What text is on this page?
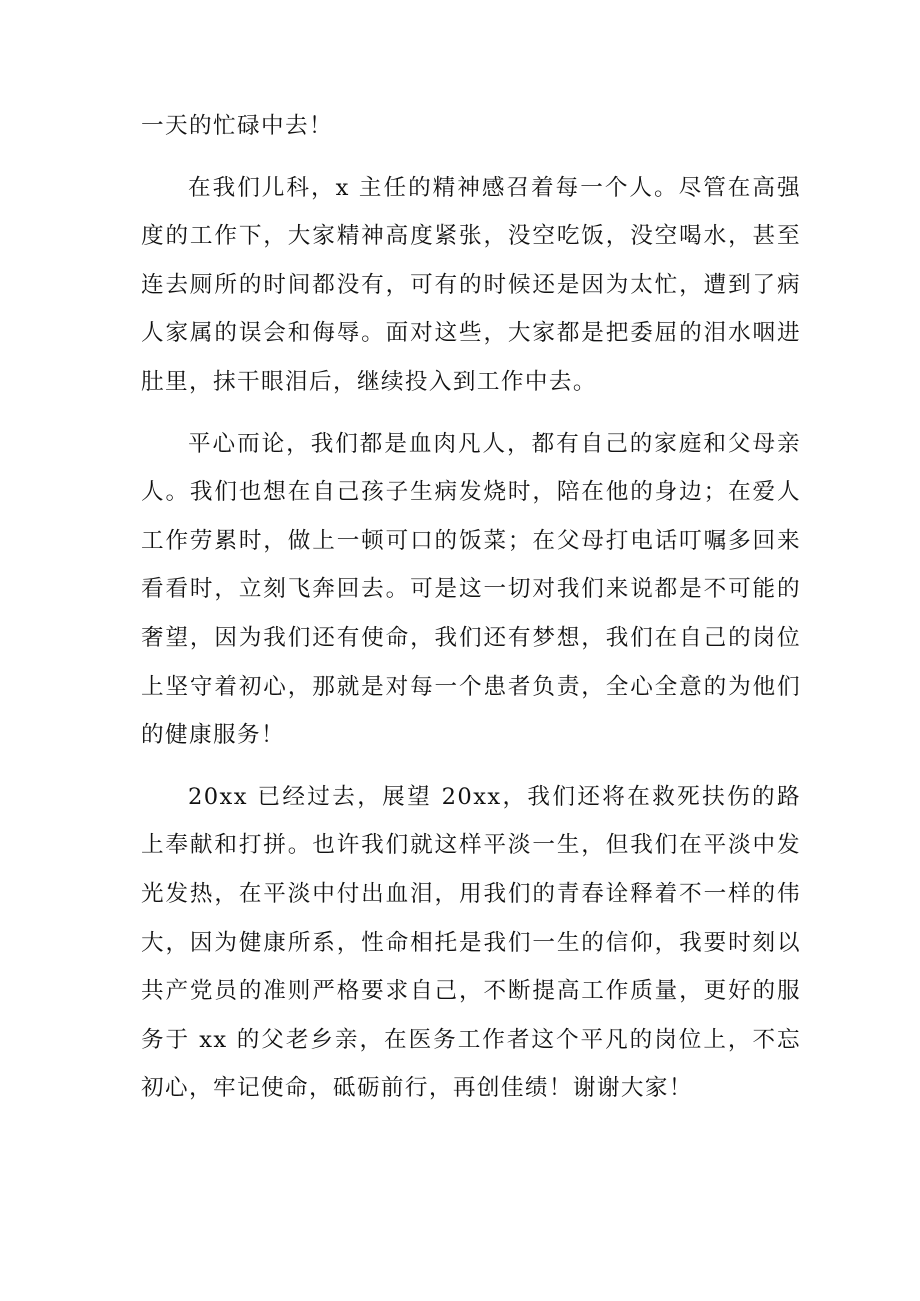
一天的忙碌中去！

在我们儿科，x 主任的精神感召着每一个人。尽管在高强度的工作下，大家精神高度紧张，没空吃饭，没空喝水，甚至连去厕所的时间都没有，可有的时候还是因为太忙，遭到了病人家属的误会和侮辱。面对这些，大家都是把委屈的泪水咽进肚里，抹干眼泪后，继续投入到工作中去。

平心而论，我们都是血肉凡人，都有自己的家庭和父母亲人。我们也想在自己孩子生病发烧时，陪在他的身边；在爱人工作劳累时，做上一顿可口的饭菜；在父母打电话叮嘱多回来看看时，立刻飞奔回去。可是这一切对我们来说都是不可能的奢望，因为我们还有使命，我们还有梦想，我们在自己的岗位上坚守着初心，那就是对每一个患者负责，全心全意的为他们的健康服务！

20xx 已经过去，展望 20xx，我们还将在救死扶伤的路上奉献和打拼。也许我们就这样平淡一生，但我们在平淡中发光发热，在平淡中付出血泪，用我们的青春诠释着不一样的伟大，因为健康所系，性命相托是我们一生的信仰，我要时刻以共产党员的准则严格要求自己，不断提高工作质量，更好的服务于 xx 的父老乡亲，在医务工作者这个平凡的岗位上，不忘初心，牢记使命，砥砺前行，再创佳绩！谢谢大家！
